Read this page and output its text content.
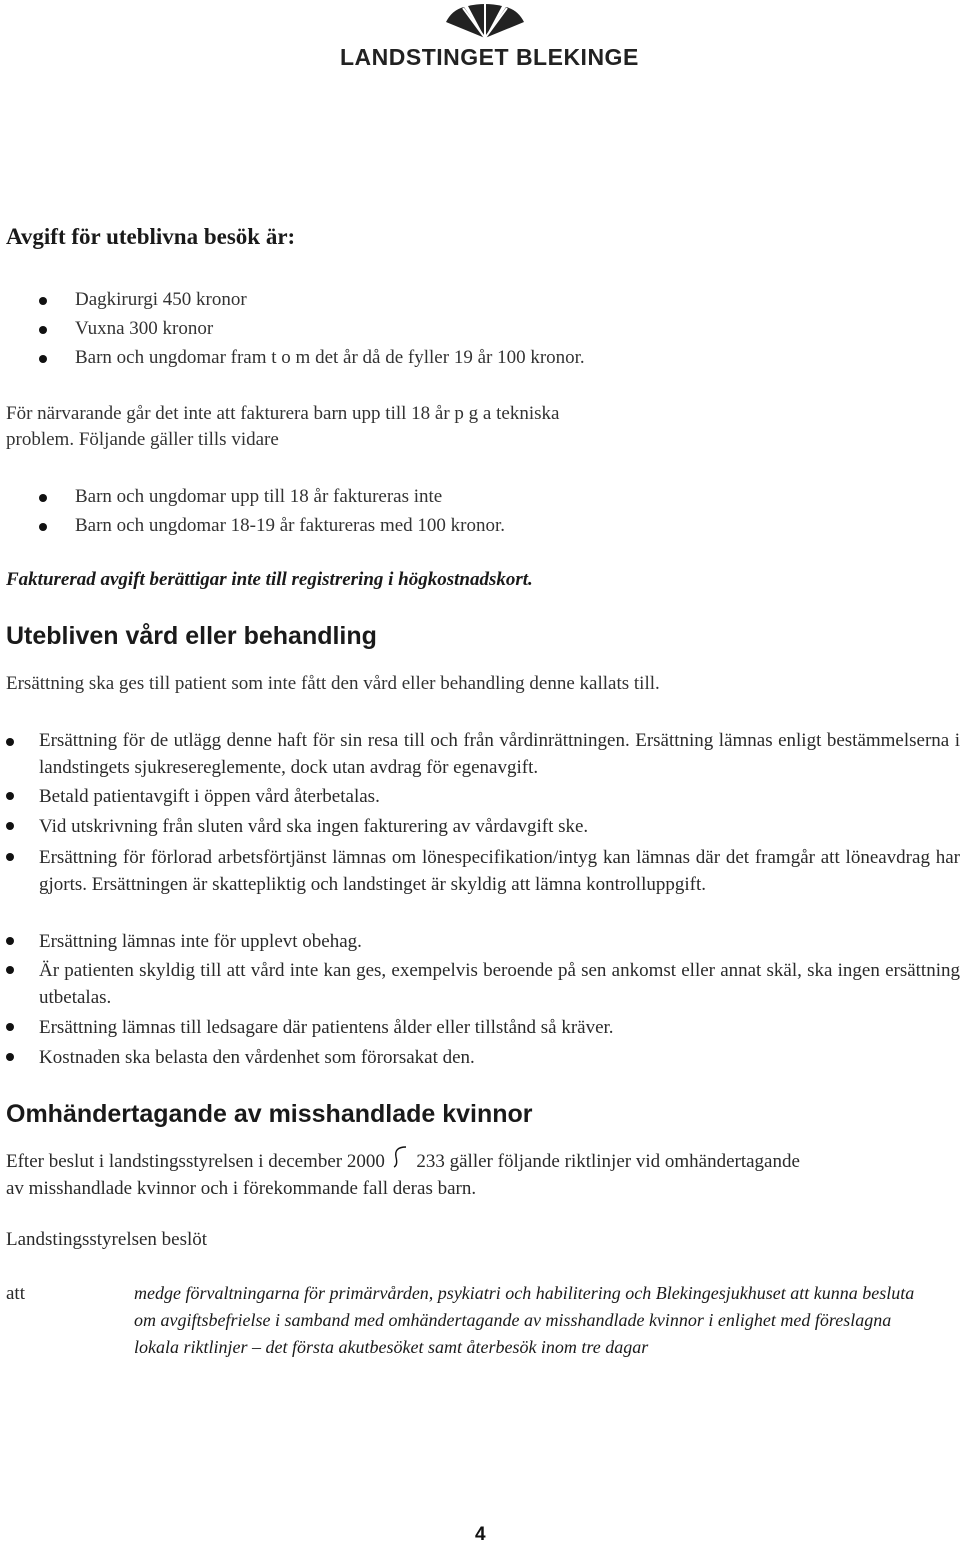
LANDSTINGET BLEKINGE
Avgift för uteblivna besök är:
Dagkirurgi 450 kronor
Vuxna 300 kronor
Barn och ungdomar fram t o m det år då de fyller 19 år 100 kronor.
För närvarande går det inte att fakturera barn upp till 18 år p g a tekniska
problem. Följande gäller tills vidare
Barn och ungdomar upp till 18 år faktureras inte
Barn och ungdomar 18-19 år faktureras med 100 kronor.
Fakturerad avgift berättigar inte till registrering i högkostnadskort.
Utebliven vård eller behandling
Ersättning ska ges till patient som inte fått den vård eller behandling denne kallats till.
Ersättning för de utlägg denne haft för sin resa till och från vårdinrättningen. Ersättning lämnas enligt bestämmelserna i landstingets sjukresereglemente, dock utan avdrag för egenavgift.
Betald patientavgift i öppen vård återbetalas.
Vid utskrivning från sluten vård ska ingen fakturering av vårdavgift ske.
Ersättning för förlorad arbetsförtjänst lämnas om lönespecifikation/intyg kan lämnas där det framgår att löneavdrag har gjorts. Ersättningen är skattepliktig och landstinget är skyldig att lämna kontrolluppgift.
Ersättning lämnas inte för upplevt obehag.
Är patienten skyldig till att vård inte kan ges, exempelvis beroende på sen ankomst eller annat skäl, ska ingen ersättning utbetalas.
Ersättning lämnas till ledsagare där patientens ålder eller tillstånd så kräver.
Kostnaden ska belasta den vårdenhet som förorsakat den.
Omhändertagande av misshandlade kvinnor
Efter beslut i landstingsstyrelsen i december 2000 233 gäller följande riktlinjer vid omhändertagande
av misshandlade kvinnor och i förekommande fall deras barn.
Landstingsstyrelsen beslöt
att	medge förvaltningarna för primärvården, psykiatri och habilitering och Blekingesjukhuset att kunna besluta om avgiftsbefrielse i samband med omhändertagande av misshandlade kvinnor i enlighet med föreslagna lokala riktlinjer – det första akutbesöket samt återbesök inom tre dagar
4
